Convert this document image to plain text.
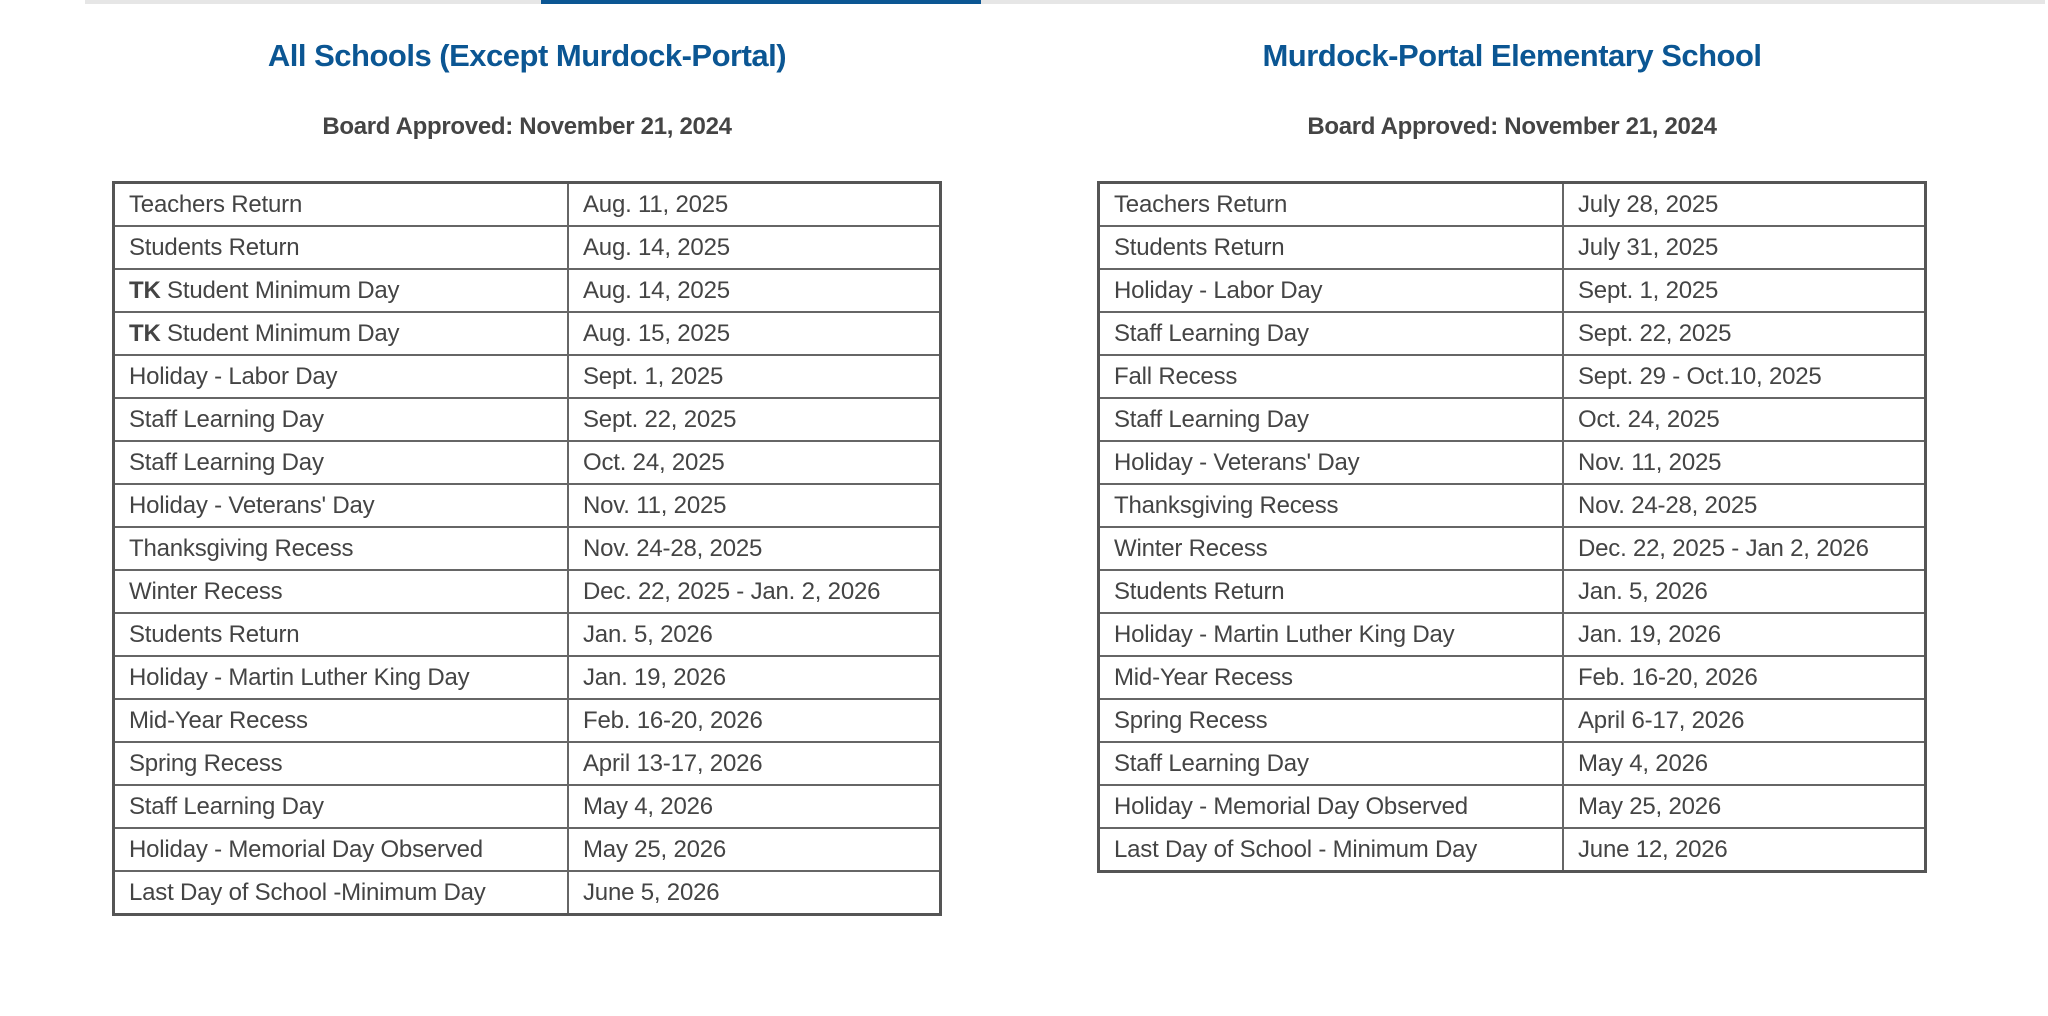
All Schools (Except Murdock-Portal)
Board Approved: November 21, 2024
Teachers Return	Aug. 11, 2025
Students Return	Aug. 14, 2025
TK Student Minimum Day	Aug. 14, 2025
TK Student Minimum Day	Aug. 15, 2025
Holiday - Labor Day	Sept. 1, 2025
Staff Learning Day	Sept. 22, 2025
Staff Learning Day	Oct. 24, 2025
Holiday - Veterans' Day	Nov. 11, 2025
Thanksgiving Recess	Nov. 24-28, 2025
Winter Recess	Dec. 22, 2025 - Jan. 2, 2026
Students Return	Jan. 5, 2026
Holiday - Martin Luther King Day	Jan. 19, 2026
Mid-Year Recess	Feb. 16-20, 2026
Spring Recess	April 13-17, 2026
Staff Learning Day	May 4, 2026
Holiday - Memorial Day Observed	May 25, 2026
Last Day of School -Minimum Day	June 5, 2026
Murdock-Portal Elementary School
Board Approved: November 21, 2024
Teachers Return	July 28, 2025
Students Return	July 31, 2025
Holiday - Labor Day	Sept. 1, 2025
Staff Learning Day	Sept. 22, 2025
Fall Recess	Sept. 29 - Oct.10, 2025
Staff Learning Day	Oct. 24, 2025
Holiday - Veterans' Day	Nov. 11, 2025
Thanksgiving Recess	Nov. 24-28, 2025
Winter Recess	Dec. 22, 2025 - Jan 2, 2026
Students Return	Jan. 5, 2026
Holiday - Martin Luther King Day	Jan. 19, 2026
Mid-Year Recess	Feb. 16-20, 2026
Spring Recess	April 6-17, 2026
Staff Learning Day	May 4, 2026
Holiday - Memorial Day Observed	May 25, 2026
Last Day of School - Minimum Day	June 12, 2026
